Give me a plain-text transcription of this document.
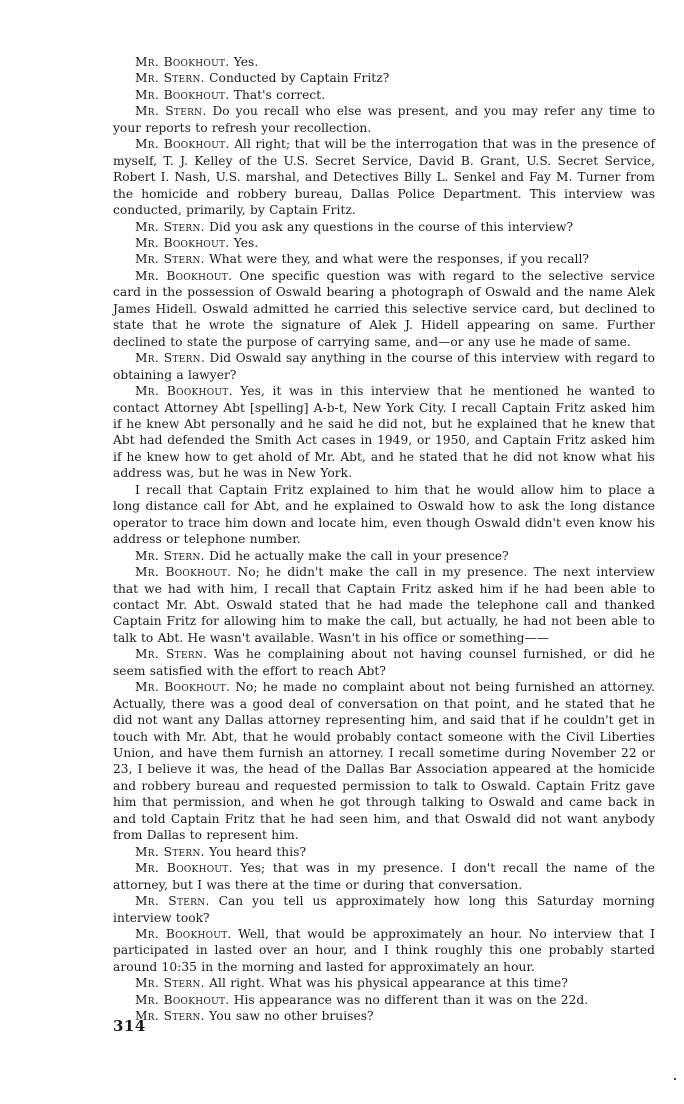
Mr. Bookhout. Yes.

Mr. Stern. Conducted by Captain Fritz?

Mr. Bookhout. That's correct.

Mr. Stern. Do you recall who else was present, and you may refer any time to your reports to refresh your recollection.

Mr. Bookhout. All right; that will be the interrogation that was in the presence of myself, T. J. Kelley of the U.S. Secret Service, David B. Grant, U.S. Secret Service, Robert I. Nash, U.S. marshal, and Detectives Billy L. Senkel and Fay M. Turner from the homicide and robbery bureau, Dallas Police Department. This interview was conducted, primarily, by Captain Fritz.

Mr. Stern. Did you ask any questions in the course of this interview?

Mr. Bookhout. Yes.

Mr. Stern. What were they, and what were the responses, if you recall?

Mr. Bookhout. One specific question was with regard to the selective service card in the possession of Oswald bearing a photograph of Oswald and the name Alek James Hidell. Oswald admitted he carried this selective service card, but declined to state that he wrote the signature of Alek J. Hidell appearing on same. Further declined to state the purpose of carrying same, and—or any use he made of same.

Mr. Stern. Did Oswald say anything in the course of this interview with regard to obtaining a lawyer?

Mr. Bookhout. Yes, it was in this interview that he mentioned he wanted to contact Attorney Abt [spelling] A-b-t, New York City. I recall Captain Fritz asked him if he knew Abt personally and he said he did not, but he explained that he knew that Abt had defended the Smith Act cases in 1949, or 1950, and Captain Fritz asked him if he knew how to get ahold of Mr. Abt, and he stated that he did not know what his address was, but he was in New York.

I recall that Captain Fritz explained to him that he would allow him to place a long distance call for Abt, and he explained to Oswald how to ask the long distance operator to trace him down and locate him, even though Oswald didn't even know his address or telephone number.

Mr. Stern. Did he actually make the call in your presence?

Mr. Bookhout. No; he didn't make the call in my presence. The next interview that we had with him, I recall that Captain Fritz asked him if he had been able to contact Mr. Abt. Oswald stated that he had made the telephone call and thanked Captain Fritz for allowing him to make the call, but actually, he had not been able to talk to Abt. He wasn't available. Wasn't in his office or something——

Mr. Stern. Was he complaining about not having counsel furnished, or did he seem satisfied with the effort to reach Abt?

Mr. Bookhout. No; he made no complaint about not being furnished an attorney. Actually, there was a good deal of conversation on that point, and he stated that he did not want any Dallas attorney representing him, and said that if he couldn't get in touch with Mr. Abt, that he would probably contact someone with the Civil Liberties Union, and have them furnish an attorney. I recall sometime during November 22 or 23, I believe it was, the head of the Dallas Bar Association appeared at the homicide and robbery bureau and requested permission to talk to Oswald. Captain Fritz gave him that permission, and when he got through talking to Oswald and came back in and told Captain Fritz that he had seen him, and that Oswald did not want anybody from Dallas to represent him.

Mr. Stern. You heard this?

Mr. Bookhout. Yes; that was in my presence. I don't recall the name of the attorney, but I was there at the time or during that conversation.

Mr. Stern. Can you tell us approximately how long this Saturday morning interview took?

Mr. Bookhout. Well, that would be approximately an hour. No interview that I participated in lasted over an hour, and I think roughly this one probably started around 10:35 in the morning and lasted for approximately an hour.

Mr. Stern. All right. What was his physical appearance at this time?

Mr. Bookhout. His appearance was no different than it was on the 22d.

Mr. Stern. You saw no other bruises?

314
